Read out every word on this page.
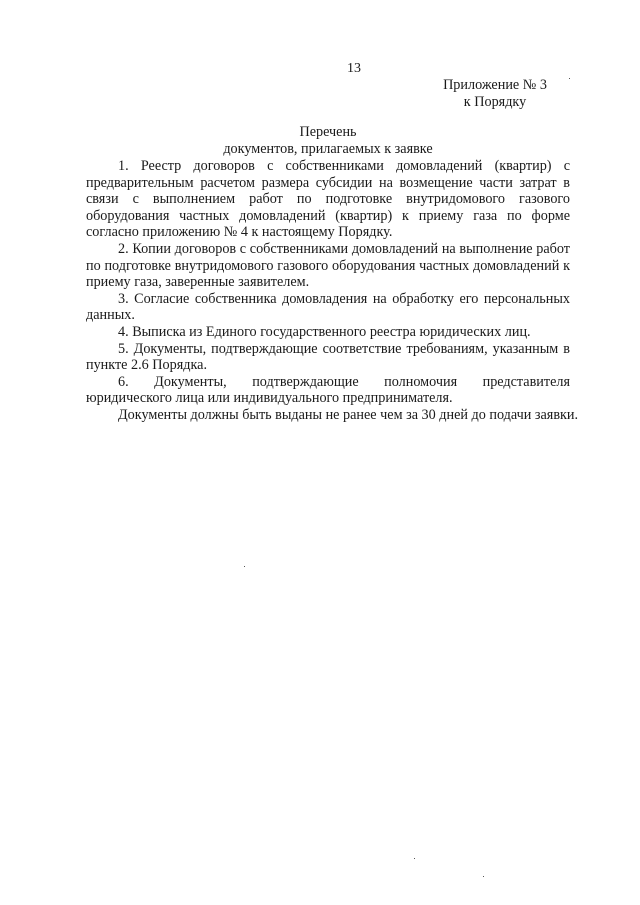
13
Приложение № 3
к Порядку
Перечень
документов, прилагаемых к заявке

1. Реестр договоров с собственниками домовладений (квартир) с предварительным расчетом размера субсидии на возмещение части затрат в связи с выполнением работ по подготовке внутридомового газового оборудования частных домовладений (квартир) к приему газа по форме согласно приложению № 4 к настоящему Порядку.

2. Копии договоров с собственниками домовладений на выполнение работ по подготовке внутридомового газового оборудования частных домовладений к приему газа, заверенные заявителем.

3. Согласие собственника домовладения на обработку его персональных данных.

4. Выписка из Единого государственного реестра юридических лиц.

5. Документы, подтверждающие соответствие требованиям, указанным в пункте 2.6 Порядка.

6. Документы, подтверждающие полномочия представителя юридического лица или индивидуального предпринимателя.

Документы должны быть выданы не ранее чем за 30 дней до подачи заявки.
